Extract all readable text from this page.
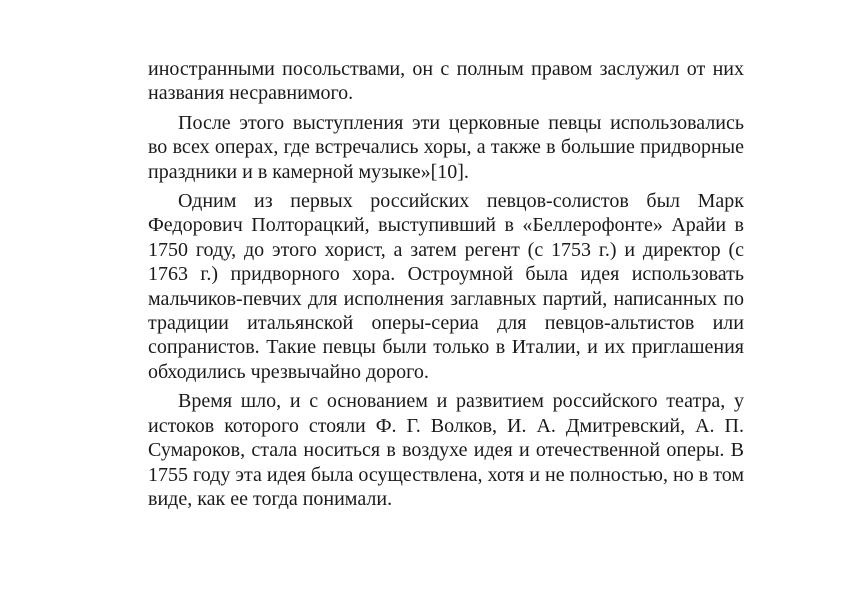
иностранными посольствами, он с полным правом заслужил от них названия несравнимого.

После этого выступления эти церковные певцы использовались во всех операх, где встречались хоры, а также в большие придворные праздники и в камерной музыке»[10].

Одним из первых российских певцов-солистов был Марк Федорович Полторацкий, выступивший в «Беллерофонте» Арайи в 1750 году, до этого хорист, а затем регент (с 1753 г.) и директор (с 1763 г.) придворного хора. Остроумной была идея использовать мальчиков-певчих для исполнения заглавных партий, написанных по традиции итальянской оперы-сериа для певцов-альтистов или сопранистов. Такие певцы были только в Италии, и их приглашения обходились чрезвычайно дорого.

Время шло, и с основанием и развитием российского театра, у истоков которого стояли Ф. Г. Волков, И. А. Дмитревский, А. П. Сумароков, стала носиться в воздухе идея и отечественной оперы. В 1755 году эта идея была осуществлена, хотя и не полностью, но в том виде, как ее тогда понимали.
